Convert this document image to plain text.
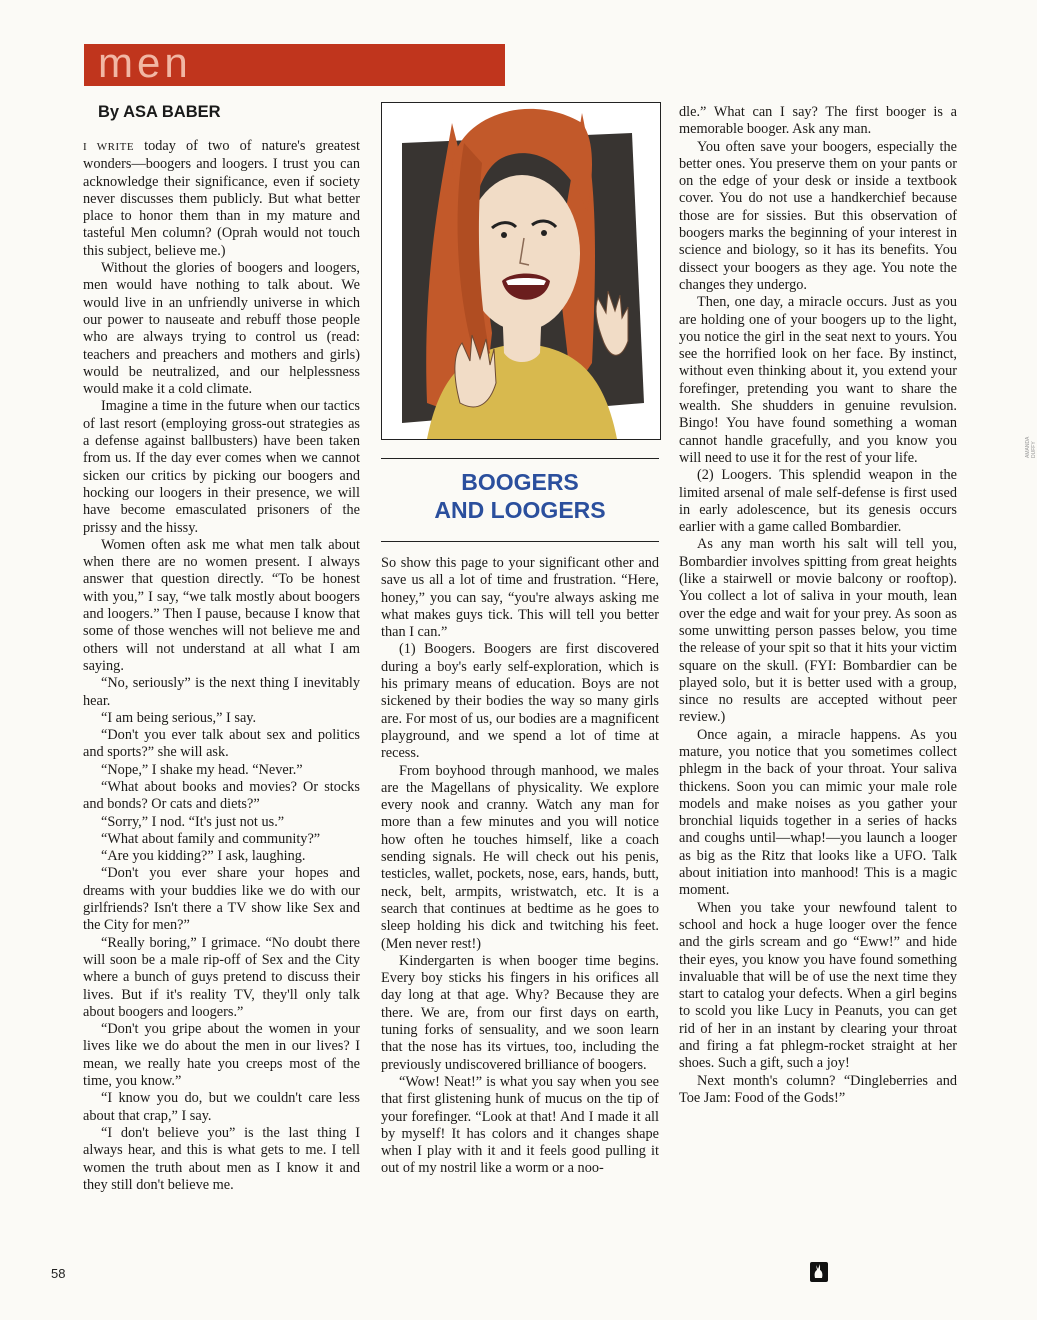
men
By ASA BABER

I WRITE today of two of nature's greatest wonders—boogers and loogers. I trust you can acknowledge their significance, even if society never discusses them publicly. But what better place to honor them than in my mature and tasteful Men column? (Oprah would not touch this subject, believe me.)

Without the glories of boogers and loogers, men would have nothing to talk about. We would live in an unfriendly universe in which our power to nauseate and rebuff those people who are always trying to control us (read: teachers and preachers and mothers and girls) would be neutralized, and our helplessness would make it a cold climate.

Imagine a time in the future when our tactics of last resort (employing gross-out strategies as a defense against ballbusters) have been taken from us. If the day ever comes when we cannot sicken our critics by picking our boogers and hocking our loogers in their presence, we will have become emasculated prisoners of the prissy and the hissy.

Women often ask me what men talk about when there are no women present. I always answer that question directly. “To be honest with you,” I say, “we talk mostly about boogers and loogers.” Then I pause, because I know that some of those wenches will not believe me and others will not understand at all what I am saying.

“No, seriously” is the next thing I inevitably hear.

“I am being serious,” I say.

“Don't you ever talk about sex and politics and sports?” she will ask.

“Nope,” I shake my head. “Never.”

“What about books and movies? Or stocks and bonds? Or cats and diets?”

“Sorry,” I nod. “It's just not us.”

“What about family and community?”

“Are you kidding?” I ask, laughing.

“Don't you ever share your hopes and dreams with your buddies like we do with our girlfriends? Isn't there a TV show like Sex and the City for men?”

“Really boring,” I grimace. “No doubt there will soon be a male rip-off of Sex and the City where a bunch of guys pretend to discuss their lives. But if it's reality TV, they'll only talk about boogers and loogers.”

“Don't you gripe about the women in your lives like we do about the men in our lives? I mean, we really hate you creeps most of the time, you know.”

“I know you do, but we couldn't care less about that crap,” I say.

“I don't believe you” is the last thing I always hear, and this is what gets to me. I tell women the truth about men as I know it and they still don't believe me.

AMANDA DUFFY
BOOGERS
AND LOOGERS

So show this page to your significant other and save us all a lot of time and frustration. “Here, honey,” you can say, “you're always asking me what makes guys tick. This will tell you better than I can.”

(1) Boogers. Boogers are first discovered during a boy's early self-exploration, which is his primary means of education. Boys are not sickened by their bodies the way so many girls are. For most of us, our bodies are a magnificent playground, and we spend a lot of time at recess.

From boyhood through manhood, we males are the Magellans of physicality. We explore every nook and cranny. Watch any man for more than a few minutes and you will notice how often he touches himself, like a coach sending signals. He will check out his penis, testicles, wallet, pockets, nose, ears, hands, butt, neck, belt, armpits, wristwatch, etc. It is a search that continues at bedtime as he goes to sleep holding his dick and twitching his feet. (Men never rest!)

Kindergarten is when booger time begins. Every boy sticks his fingers in his orifices all day long at that age. Why? Because they are there. We are, from our first days on earth, tuning forks of sensuality, and we soon learn that the nose has its virtues, too, including the previously undiscovered brilliance of boogers.

“Wow! Neat!” is what you say when you see that first glistening hunk of mucus on the tip of your forefinger. “Look at that! And I made it all by myself! It has colors and it changes shape when I play with it and it feels good pulling it out of my nostril like a worm or a noo-

dle.” What can I say? The first booger is a memorable booger. Ask any man.

You often save your boogers, especially the better ones. You preserve them on your pants or on the edge of your desk or inside a textbook cover. You do not use a handkerchief because those are for sissies. But this observation of boogers marks the beginning of your interest in science and biology, so it has its benefits. You dissect your boogers as they age. You note the changes they undergo.

Then, one day, a miracle occurs. Just as you are holding one of your boogers up to the light, you notice the girl in the seat next to yours. You see the horrified look on her face. By instinct, without even thinking about it, you extend your forefinger, pretending you want to share the wealth. She shudders in genuine revulsion. Bingo! You have found something a woman cannot handle gracefully, and you know you will need to use it for the rest of your life.

(2) Loogers. This splendid weapon in the limited arsenal of male self-defense is first used in early adolescence, but its genesis occurs earlier with a game called Bombardier.

As any man worth his salt will tell you, Bombardier involves spitting from great heights (like a stairwell or movie balcony or rooftop). You collect a lot of saliva in your mouth, lean over the edge and wait for your prey. As soon as some unwitting person passes below, you time the release of your spit so that it hits your victim square on the skull. (FYI: Bombardier can be played solo, but it is better used with a group, since no results are accepted without peer review.)

Once again, a miracle happens. As you mature, you notice that you sometimes collect phlegm in the back of your throat. Your saliva thickens. Soon you can mimic your male role models and make noises as you gather your bronchial liquids together in a series of hacks and coughs until—whap!—you launch a looger as big as the Ritz that looks like a UFO. Talk about initiation into manhood! This is a magic moment.

When you take your newfound talent to school and hock a huge looger over the fence and the girls scream and go “Eww!” and hide their eyes, you know you have found something invaluable that will be of use the next time they start to catalog your defects. When a girl begins to scold you like Lucy in Peanuts, you can get rid of her in an instant by clearing your throat and firing a fat phlegm-rocket straight at her shoes. Such a gift, such a joy!

Next month's column? “Dingleberries and Toe Jam: Food of the Gods!”

58
